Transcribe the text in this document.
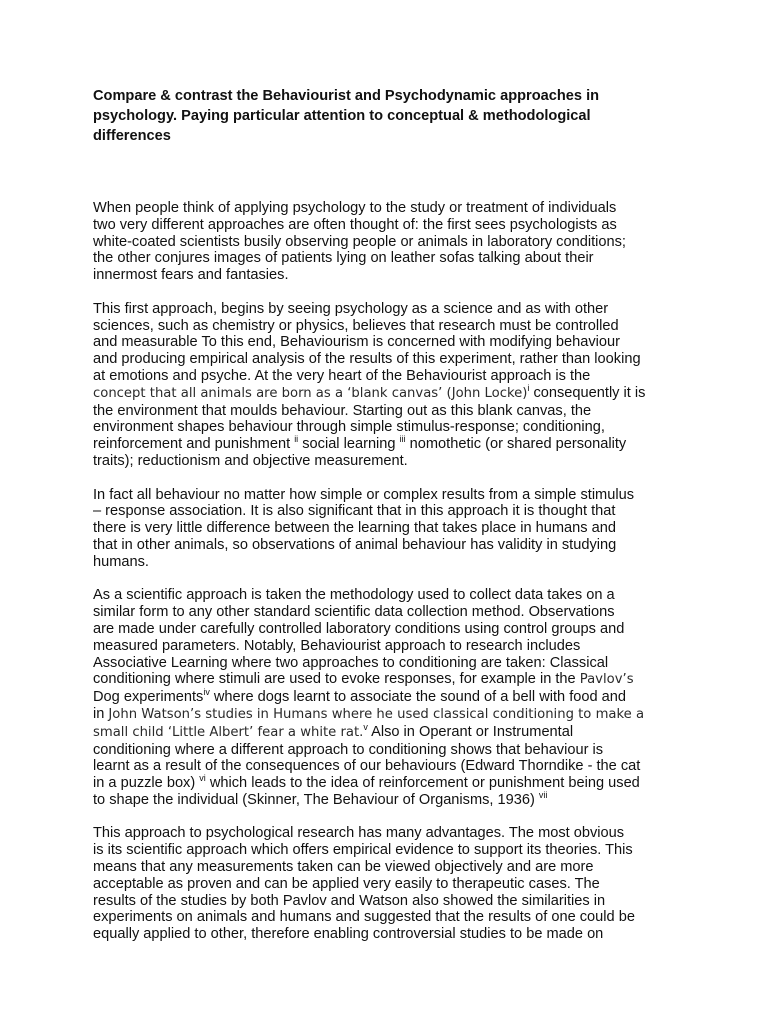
Compare & contrast the Behaviourist and Psychodynamic approaches in
psychology. Paying particular attention to conceptual & methodological
differences
When people think of applying psychology to the study or treatment of individuals
two very different approaches are often thought of: the first sees psychologists as
white-coated scientists busily observing people or animals in laboratory conditions;
the other conjures images of patients lying on leather sofas talking about their
innermost fears and fantasies.
This first approach, begins by seeing psychology as a science and as with other
sciences, such as chemistry or physics, believes that research must be controlled
and measurable To this end, Behaviourism is concerned with modifying behaviour
and producing empirical analysis of the results of this experiment, rather than looking
at emotions and psyche. At the very heart of the Behaviourist approach is the
concept that all animals are born as a ‘blank canvas’ (John Locke)$^i$ consequently it is
the environment that moulds behaviour. Starting out as this blank canvas, the
environment shapes behaviour through simple stimulus-response; conditioning,
reinforcement and punishment $^{ii}$ social learning $^{iii}$ nomothetic (or shared personality
traits); reductionism and objective measurement.
In fact all behaviour no matter how simple or complex results from a simple stimulus
– response association. It is also significant that in this approach it is thought that
there is very little difference between the learning that takes place in humans and
that in other animals, so observations of animal behaviour has validity in studying
humans.
As a scientific approach is taken the methodology used to collect data takes on a
similar form to any other standard scientific data collection method. Observations
are made under carefully controlled laboratory conditions using control groups and
measured parameters. Notably, Behaviourist approach to research includes
Associative Learning where two approaches to conditioning are taken: Classical
conditioning where stimuli are used to evoke responses, for example in the Pavlov’s
Dog experiments$^{iv}$ where dogs learnt to associate the sound of a bell with food and
in John Watson’s studies in Humans where he used classical conditioning to make a
small child ‘Little Albert’ fear a white rat.$^v$ Also in Operant or Instrumental
conditioning where a different approach to conditioning shows that behaviour is
learnt as a result of the consequences of our behaviours (Edward Thorndike - the cat
in a puzzle box) $^{vi}$ which leads to the idea of reinforcement or punishment being used
to shape the individual (Skinner, The Behaviour of Organisms, 1936) $^{vii}$
This approach to psychological research has many advantages. The most obvious
is its scientific approach which offers empirical evidence to support its theories. This
means that any measurements taken can be viewed objectively and are more
acceptable as proven and can be applied very easily to therapeutic cases. The
results of the studies by both Pavlov and Watson also showed the similarities in
experiments on animals and humans and suggested that the results of one could be
equally applied to other, therefore enabling controversial studies to be made on
